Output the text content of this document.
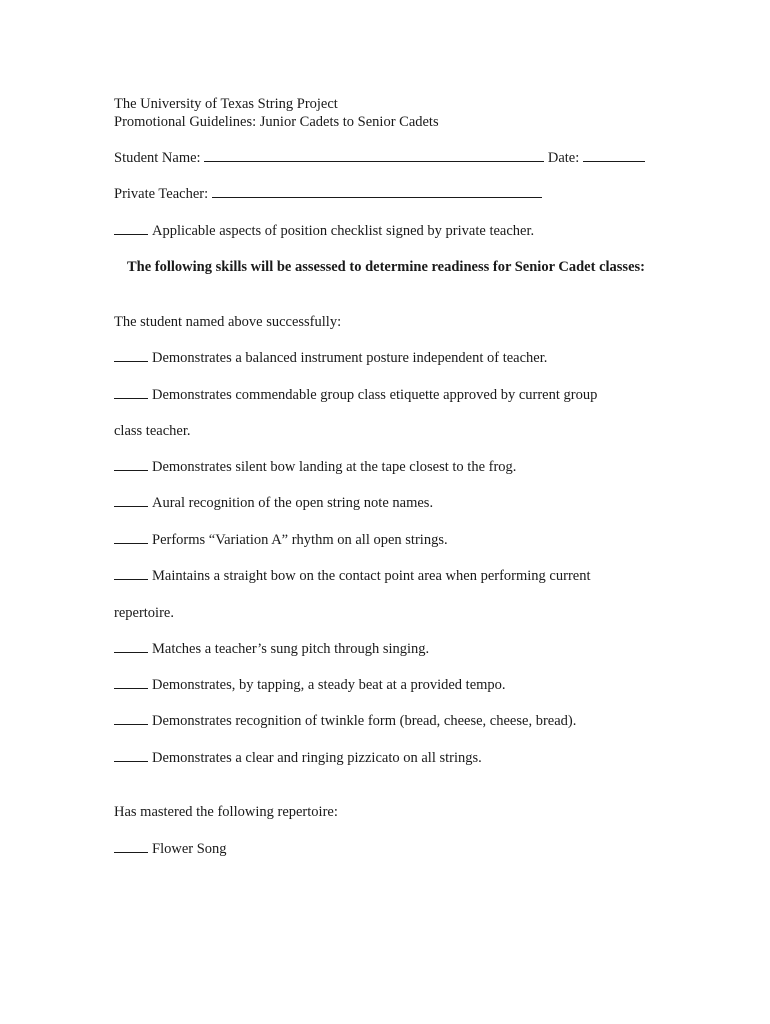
The University of Texas String Project
Promotional Guidelines: Junior Cadets to Senior Cadets
Student Name:	Date:
Private Teacher:
Applicable aspects of position checklist signed by private teacher.
The following skills will be assessed to determine readiness for Senior Cadet classes:
The student named above successfully:
Demonstrates a balanced instrument posture independent of teacher.
Demonstrates commendable group class etiquette approved by current group
class teacher.
Demonstrates silent bow landing at the tape closest to the frog.
Aural recognition of the open string note names.
Performs “Variation A” rhythm on all open strings.
Maintains a straight bow on the contact point area when performing current
repertoire.
Matches a teacher’s sung pitch through singing.
Demonstrates, by tapping, a steady beat at a provided tempo.
Demonstrates recognition of twinkle form (bread, cheese, cheese, bread).
Demonstrates a clear and ringing pizzicato on all strings.
Has mastered the following repertoire:
Flower Song
